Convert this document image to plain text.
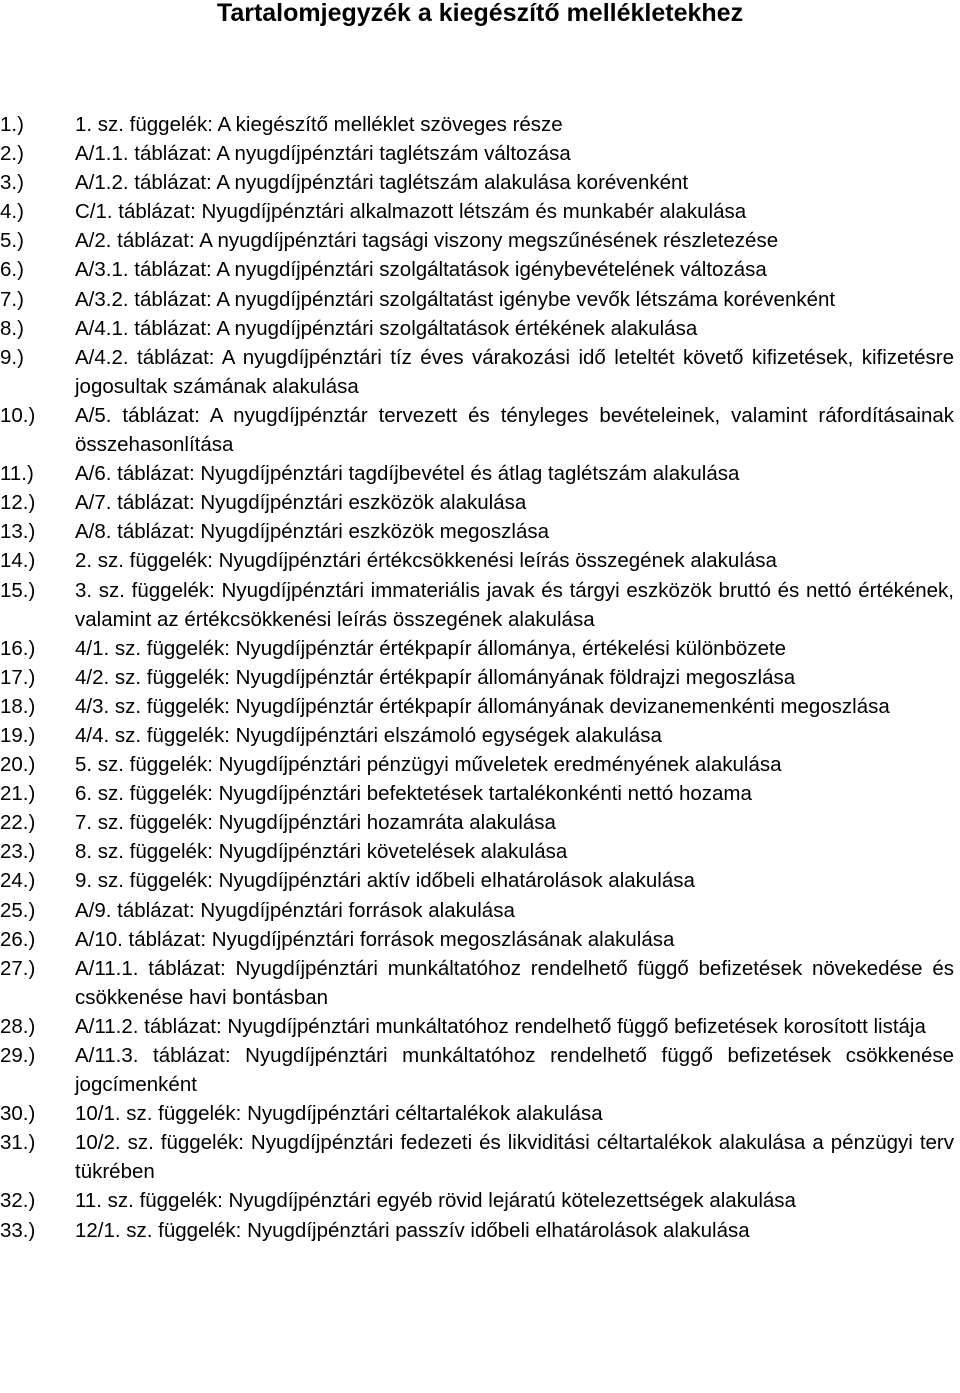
Tartalomjegyzék a kiegészítő mellékletekhez
1.) 1. sz. függelék: A kiegészítő melléklet szöveges része
2.) A/1.1. táblázat: A nyugdíjpénztári taglétszám változása
3.) A/1.2. táblázat: A nyugdíjpénztári taglétszám alakulása korévenként
4.) C/1. táblázat: Nyugdíjpénztári alkalmazott létszám és munkabér alakulása
5.) A/2. táblázat: A nyugdíjpénztári tagsági viszony megszűnésének részletezése
6.) A/3.1. táblázat: A nyugdíjpénztári szolgáltatások igénybevételének változása
7.) A/3.2. táblázat: A nyugdíjpénztári szolgáltatást igénybe vevők létszáma korévenként
8.) A/4.1. táblázat: A nyugdíjpénztári szolgáltatások értékének alakulása
9.) A/4.2. táblázat: A nyugdíjpénztári tíz éves várakozási idő leteltét követő kifizetések, kifizetésre jogosultak számának alakulása
10.) A/5. táblázat: A nyugdíjpénztár tervezett és tényleges bevételeinek, valamint ráfordításainak összehasonlítása
11.) A/6. táblázat: Nyugdíjpénztári tagdíjbevétel és átlag taglétszám alakulása
12.) A/7. táblázat: Nyugdíjpénztári eszközök alakulása
13.) A/8. táblázat: Nyugdíjpénztári eszközök megoszlása
14.) 2. sz. függelék: Nyugdíjpénztári értékcsökkenési leírás összegének alakulása
15.) 3. sz. függelék: Nyugdíjpénztári immateriális javak és tárgyi eszközök bruttó és nettó értékének, valamint az értékcsökkenési leírás összegének alakulása
16.) 4/1. sz. függelék: Nyugdíjpénztár értékpapír állománya, értékelési különbözete
17.) 4/2. sz. függelék: Nyugdíjpénztár értékpapír állományának földrajzi megoszlása
18.) 4/3. sz. függelék: Nyugdíjpénztár értékpapír állományának devizanemenkénti megoszlása
19.) 4/4. sz. függelék: Nyugdíjpénztári elszámoló egységek alakulása
20.) 5. sz. függelék: Nyugdíjpénztári pénzügyi műveletek eredményének alakulása
21.) 6. sz. függelék: Nyugdíjpénztári befektetések tartalékonkénti nettó hozama
22.) 7. sz. függelék: Nyugdíjpénztári hozamráta alakulása
23.) 8. sz. függelék: Nyugdíjpénztári követelések alakulása
24.) 9. sz. függelék: Nyugdíjpénztári aktív időbeli elhatárolások alakulása
25.) A/9. táblázat: Nyugdíjpénztári források alakulása
26.) A/10. táblázat: Nyugdíjpénztári források megoszlásának alakulása
27.) A/11.1. táblázat: Nyugdíjpénztári munkáltatóhoz rendelhető függő befizetések növekedése és csökkenése havi bontásban
28.) A/11.2. táblázat: Nyugdíjpénztári munkáltatóhoz rendelhető függő befizetések korosított listája
29.) A/11.3. táblázat: Nyugdíjpénztári munkáltatóhoz rendelhető függő befizetések csökkenése jogcímenként
30.) 10/1. sz. függelék: Nyugdíjpénztári céltartalékok alakulása
31.) 10/2. sz. függelék: Nyugdíjpénztári fedezeti és likviditási céltartalékok alakulása a pénzügyi terv tükrében
32.) 11. sz. függelék: Nyugdíjpénztári egyéb rövid lejáratú kötelezettségek alakulása
33.) 12/1. sz. függelék: Nyugdíjpénztári passzív időbeli elhatárolások alakulása
